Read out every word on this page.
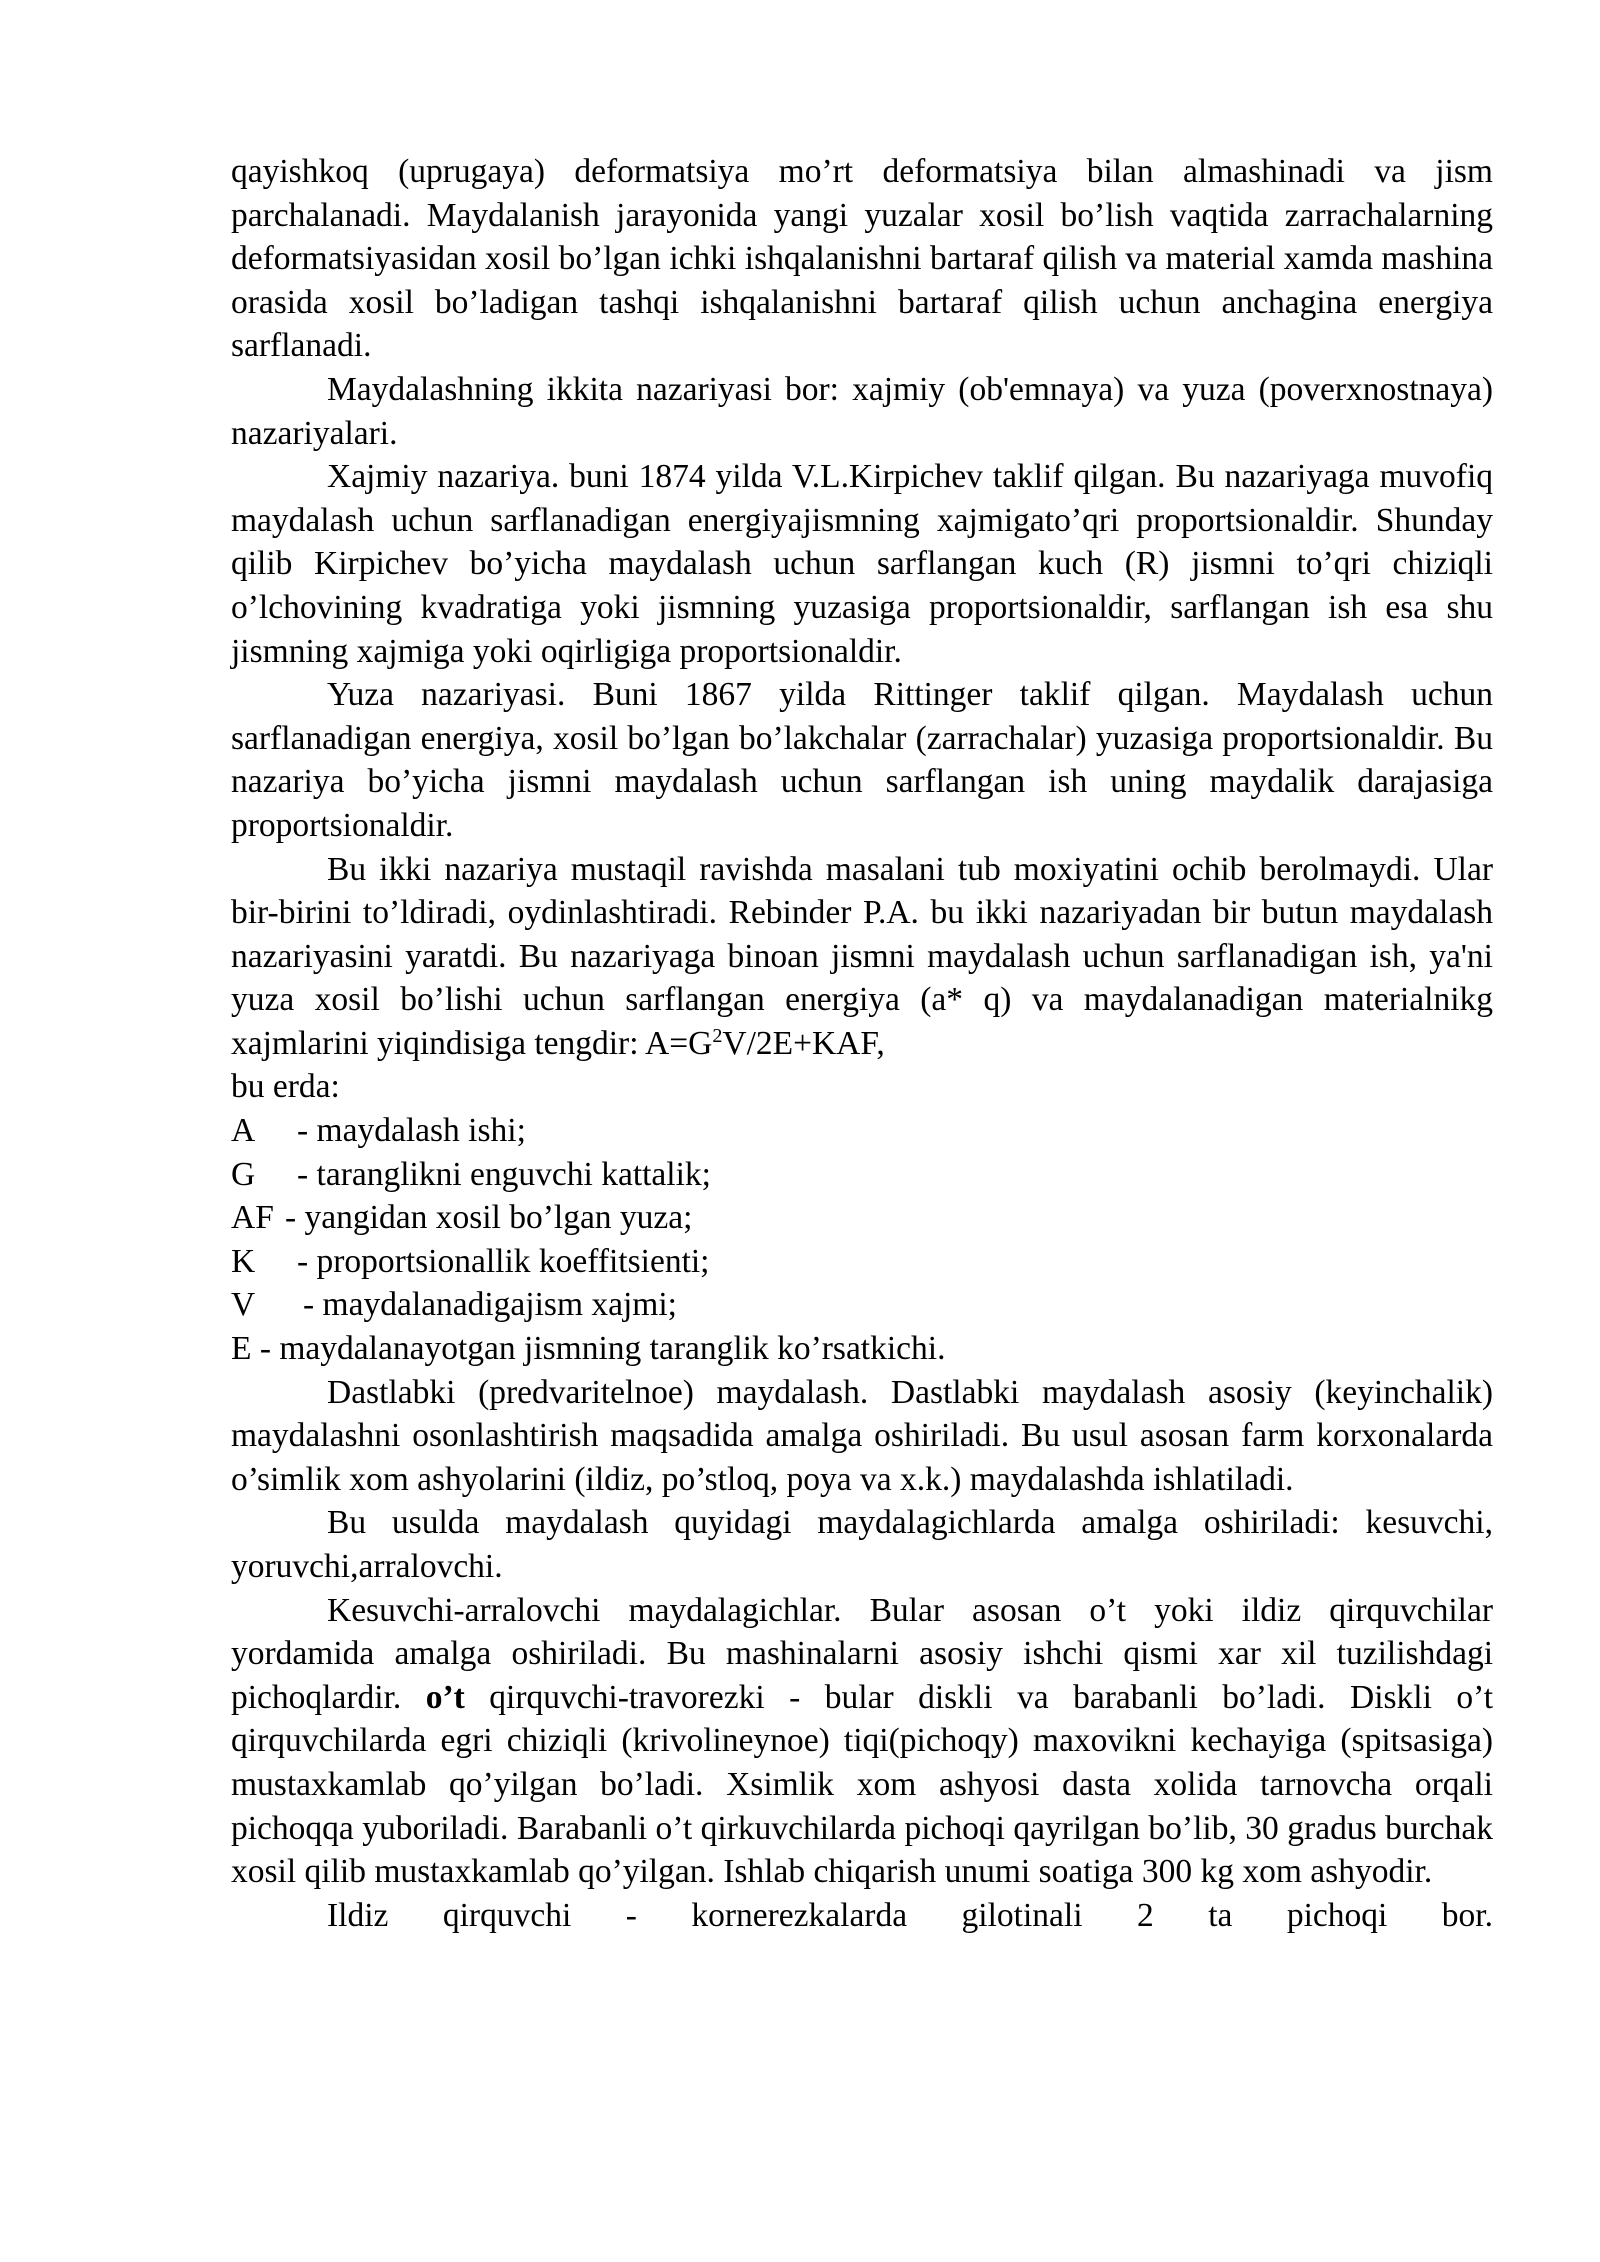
qayishkoq (uprugaya) deformatsiya mo’rt deformatsiya bilan almashinadi va jism parchalanadi. Maydalanish jarayonida yangi yuzalar xosil bo’lish vaqtida zarrachalarning deformatsiyasidan xosil bo’lgan ichki ishqalanishni bartaraf qilish va material xamda mashina orasida xosil bo’ladigan tashqi ishqalanishni bartaraf qilish uchun anchagina energiya sarflanadi.

Maydalashning ikkita nazariyasi bor: xajmiy (ob'emnaya) va yuza (poverxnostnaya) nazariyalari.

Xajmiy nazariya. buni 1874 yilda V.L.Kirpichev taklif qilgan. Bu nazariyaga muvofiq maydalash uchun sarflanadigan energiyajismning xajmigato’qri proportsionaldir. Shunday qilib Kirpichev bo’yicha maydalash uchun sarflangan kuch (R) jismni to’qri chiziqli o’lchovining kvadratiga yoki jismning yuzasiga proportsionaldir, sarflangan ish esa shu jismning xajmiga yoki oqirligiga proportsionaldir.

Yuza nazariyasi. Buni 1867 yilda Rittinger taklif qilgan. Maydalash uchun sarflanadigan energiya, xosil bo’lgan bo’lakchalar (zarrachalar) yuzasiga proportsionaldir. Bu nazariya bo’yicha jismni maydalash uchun sarflangan ish uning maydalik darajasiga proportsionaldir.

Bu ikki nazariya mustaqil ravishda masalani tub moxiyatini ochib berolmaydi. Ular bir-birini to’ldiradi, oydinlashtiradi. Rebinder P.A. bu ikki nazariyadan bir butun maydalash nazariyasini yaratdi. Bu nazariyaga binoan jismni maydalash uchun sarflanadigan ish, ya'ni yuza xosil bo’lishi uchun sarflangan energiya (a* q) va maydalanadigan materialnikg xajmlarini yiqindisiga tengdir: $A=G^2V/2E+KAF$,

bu erda:
A	- maydalash ishi;
G	- taranglikni enguvchi kattalik;
AF - yangidan xosil bo’lgan yuza;
K	- proportsionallik koeffitsienti;
V	- maydalanadigajism xajmi;
E - maydalanayotgan jismning taranglik ko’rsatkichi.

Dastlabki (predvaritelnoe) maydalash. Dastlabki maydalash asosiy (keyinchalik) maydalashni osonlashtirish maqsadida amalga oshiriladi. Bu usul asosan farm korxonalarda o’simlik xom ashyolarini (ildiz, po’stloq, poya va x.k.) maydalashda ishlatiladi.

Bu usulda maydalash quyidagi maydalagichlarda amalga oshiriladi: kesuvchi, yoruvchi,arralovchi.

Kesuvchi-arralovchi maydalagichlar. Bular asosan o’t yoki ildiz qirquvchilar yordamida amalga oshiriladi. Bu mashinalarni asosiy ishchi qismi xar xil tuzilishdagi pichoqlardir. o’t qirquvchi-travorezki - bular diskli va barabanli bo’ladi. Diskli o’t qirquvchilarda egri chiziqli (krivolineynoe) tiqi(pichoqy) maxovikni kechayiga (spitsasiga) mustaxkamlab qo’yilgan bo’ladi. Xsimlik xom ashyosi dasta xolida tarnovcha orqali pichoqqa yuboriladi. Barabanli o’t qirkuvchilarda pichoqi qayrilgan bo’lib, 30 gradus burchak xosil qilib mustaxkamlab qo’yilgan. Ishlab chiqarish unumi soatiga 300 kg xom ashyodir.

Ildiz qirquvchi - kornerezkalarda gilotinali 2 ta pichoqi bor.
